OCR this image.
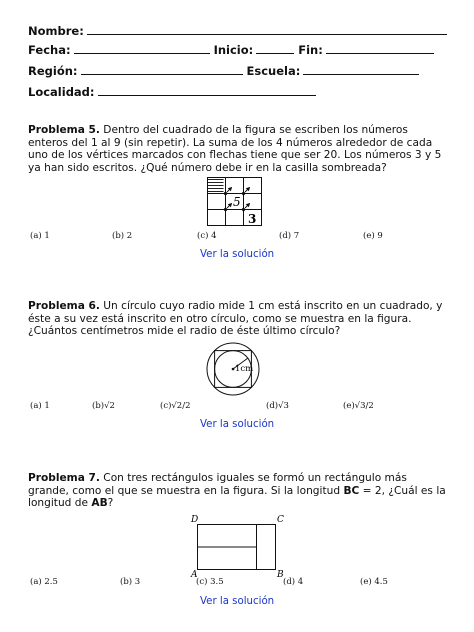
Nombre:
Fecha:	Inicio:	Fin:
Región:	Escuela:
Localidad:
Problema 5. Dentro del cuadrado de la figura se escriben los números enteros del 1 al 9 (sin repetir). La suma de los 4 números alrededor de cada uno de los vértices marcados con flechas tiene que ser 20. Los números 3 y 5 ya han sido escritos. ¿Qué número debe ir en la casilla sombreada?
5
3
(a) 1	(b) 2	(c) 4	(d) 7	(e) 9
Ver la solución
Problema 6. Un círculo cuyo radio mide 1 cm está inscrito en un cuadrado, y éste a su vez está inscrito en otro círculo, como se muestra en la figura. ¿Cuántos centímetros mide el radio de éste último círculo?
1cm
(a) 1	(b)√2	(c)√2/2	(d)√3	(e)√3/2
Ver la solución
Problema 7. Con tres rectángulos iguales se formó un rectángulo más grande, como el que se muestra en la figura. Si la longitud BC = 2, ¿Cuál es la longitud de AB?
D	C
A	B
(a) 2.5	(b) 3	(c) 3.5	(d) 4	(e) 4.5
Ver la solución
